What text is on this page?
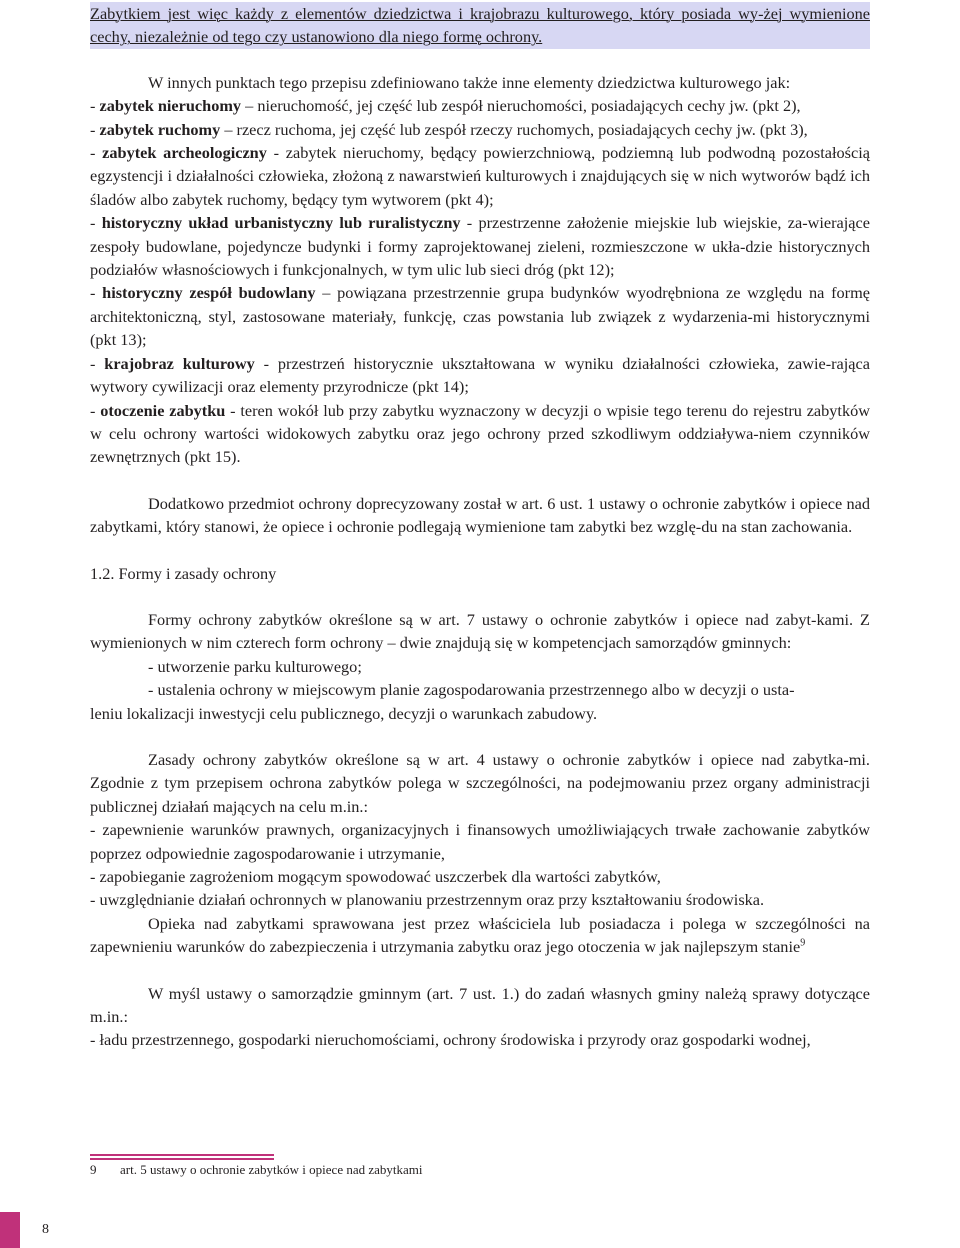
Zabytkiem jest więc każdy z elementów dziedzictwa i krajobrazu kulturowego, który posiada wy-żej wymienione cechy, niezależnie od tego czy ustanowiono dla niego formę ochrony.

W innych punktach tego przepisu zdefiniowano także inne elementy dziedzictwa kulturowego jak:

- zabytek nieruchomy – nieruchomość, jej część lub zespół nieruchomości, posiadających cechy jw. (pkt 2),

- zabytek ruchomy – rzecz ruchoma, jej część lub zespół rzeczy ruchomych, posiadających cechy jw. (pkt 3),

- zabytek archeologiczny - zabytek nieruchomy, będący powierzchniową, podziemną lub podwodną pozostałością egzystencji i działalności człowieka, złożoną z nawarstwień kulturowych i znajdujących się w nich wytworów bądź ich śladów albo zabytek ruchomy, będący tym wytworem (pkt 4);

- historyczny układ urbanistyczny lub ruralistyczny - przestrzenne założenie miejskie lub wiejskie, za-wierające zespoły budowlane, pojedyncze budynki i formy zaprojektowanej zieleni, rozmieszczone w ukła-dzie historycznych podziałów własnościowych i funkcjonalnych, w tym ulic lub sieci dróg (pkt 12);

- historyczny zespół budowlany – powiązana przestrzennie grupa budynków wyodrębniona ze względu na formę architektoniczną, styl, zastosowane materiały, funkcję, czas powstania lub związek z wydarzenia-mi historycznymi (pkt 13);

- krajobraz kulturowy - przestrzeń historycznie ukształtowana w wyniku działalności człowieka, zawie-rająca wytwory cywilizacji oraz elementy przyrodnicze (pkt 14);

- otoczenie zabytku - teren wokół lub przy zabytku wyznaczony w decyzji o wpisie tego terenu do rejestru zabytków w celu ochrony wartości widokowych zabytku oraz jego ochrony przed szkodliwym oddziaływa-niem czynników zewnętrznych (pkt 15).

Dodatkowo przedmiot ochrony doprecyzowany został w art. 6 ust. 1 ustawy o ochronie zabytków i opiece nad zabytkami, który stanowi, że opiece i ochronie podlegają wymienione tam zabytki bez wzglę-du na stan zachowania.

1.2. Formy i zasady ochrony

Formy ochrony zabytków określone są w art. 7 ustawy o ochronie zabytków i opiece nad zabyt-kami. Z wymienionych w nim czterech form ochrony – dwie znajdują się w kompetencjach samorządów gminnych:

- utworzenie parku kulturowego;

- ustalenia ochrony w miejscowym planie zagospodarowania przestrzennego albo w decyzji o usta-

leniu lokalizacji inwestycji celu publicznego, decyzji o warunkach zabudowy.

Zasady ochrony zabytków określone są w art. 4 ustawy o ochronie zabytków i opiece nad zabytka-mi. Zgodnie z tym przepisem ochrona zabytków polega w szczególności, na podejmowaniu przez organy administracji publicznej działań mających na celu m.in.:

- zapewnienie warunków prawnych, organizacyjnych i finansowych umożliwiających trwałe zachowanie zabytków poprzez odpowiednie zagospodarowanie i utrzymanie,

- zapobieganie zagrożeniom mogącym spowodować uszczerbek dla wartości zabytków,

- uwzględnianie działań ochronnych w planowaniu przestrzennym oraz przy kształtowaniu środowiska.

Opieka nad zabytkami sprawowana jest przez właściciela lub posiadacza i polega w szczególności na zapewnieniu warunków do zabezpieczenia i utrzymania zabytku oraz jego otoczenia w jak najlepszym stanie$^9$

W myśl ustawy o samorządzie gminnym (art. 7 ust. 1.) do zadań własnych gminy należą sprawy dotyczące m.in.:

- ładu przestrzennego, gospodarki nieruchomościami, ochrony środowiska i przyrody oraz gospodarki wodnej,

9 art. 5 ustawy o ochronie zabytków i opiece nad zabytkami
8
